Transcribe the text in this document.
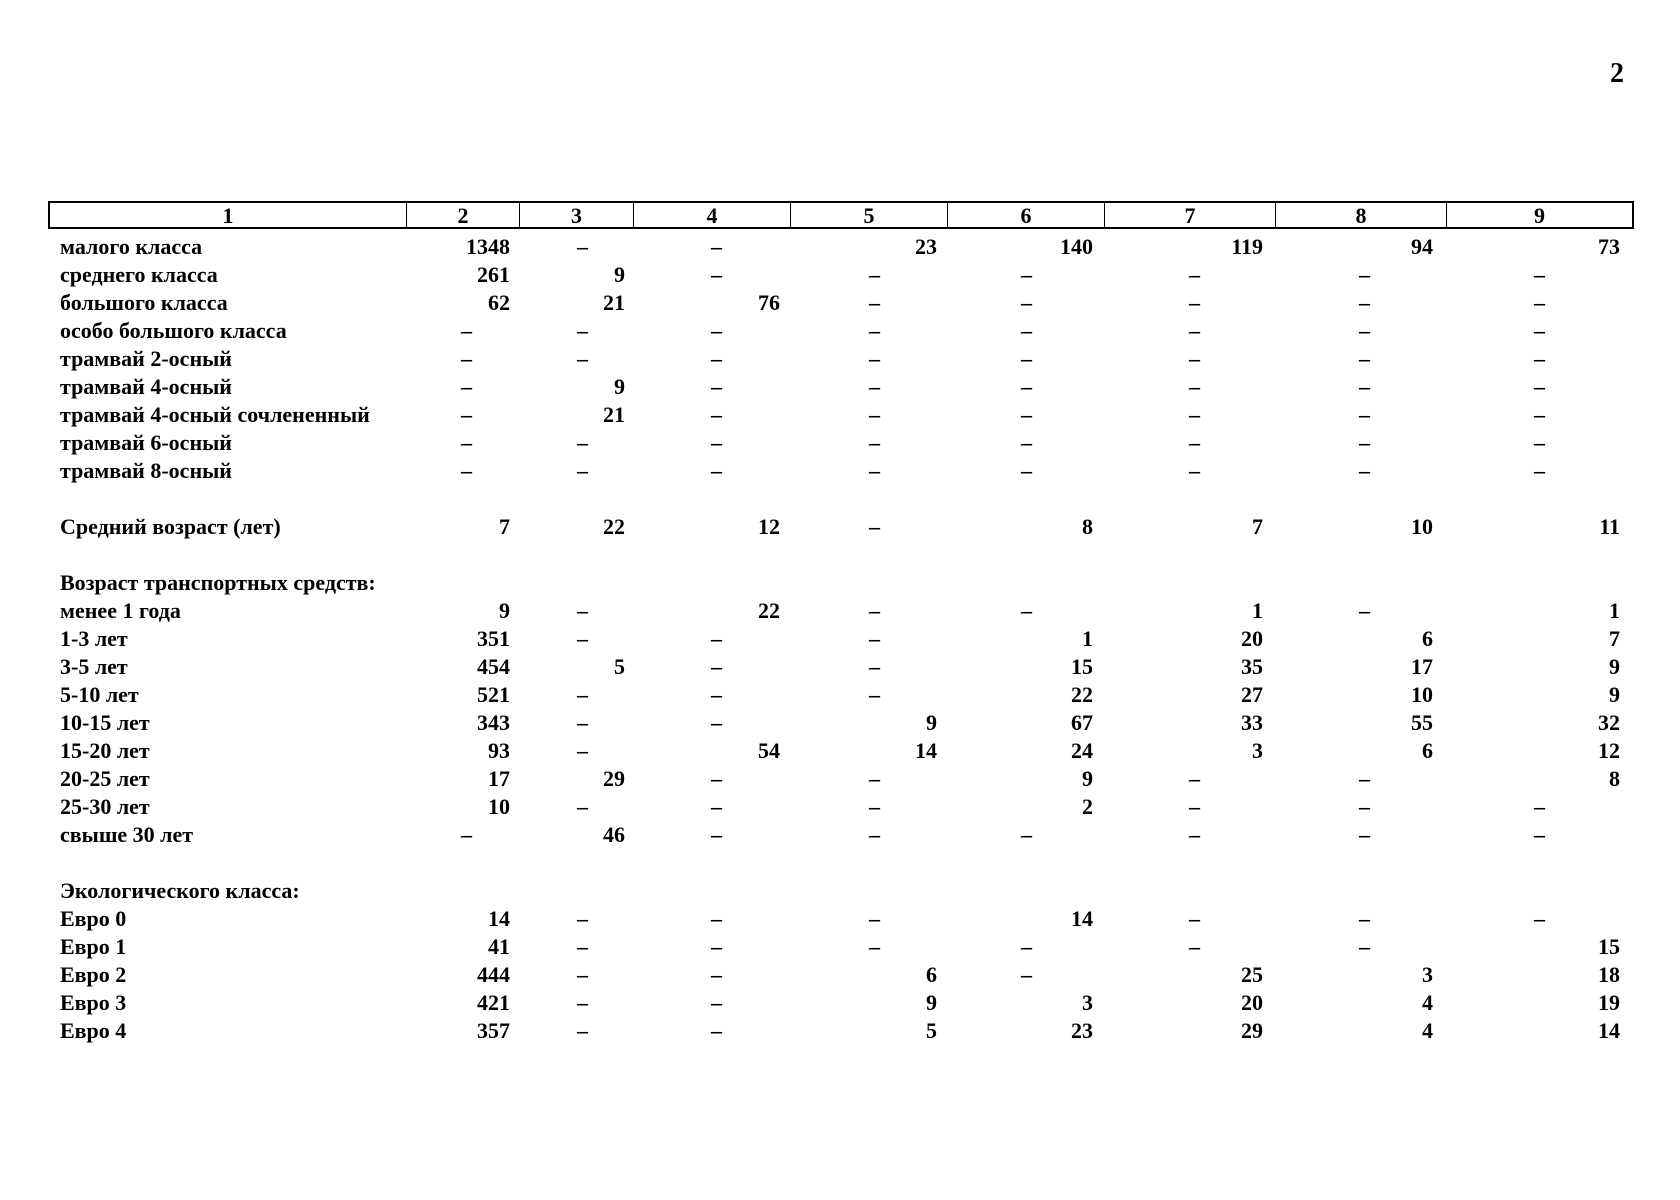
2
1	2	3	4	5	6	7	8	9
малого класса	1348	–	–	23	140	119	94	73
среднего класса	261	9	–	–	–	–	–	–
большого класса	62	21	76	–	–	–	–	–
особо большого класса	–	–	–	–	–	–	–	–
трамвай 2-осный	–	–	–	–	–	–	–	–
трамвай 4-осный	–	9	–	–	–	–	–	–
трамвай 4-осный сочлененный	–	21	–	–	–	–	–	–
трамвай 6-осный	–	–	–	–	–	–	–	–
трамвай 8-осный	–	–	–	–	–	–	–	–
Средний возраст (лет)	7	22	12	–	8	7	10	11
Возраст транспортных средств:
менее 1 года	9	–	22	–	–	1	–	1
1-3 лет	351	–	–	–	1	20	6	7
3-5 лет	454	5	–	–	15	35	17	9
5-10 лет	521	–	–	–	22	27	10	9
10-15 лет	343	–	–	9	67	33	55	32
15-20 лет	93	–	54	14	24	3	6	12
20-25 лет	17	29	–	–	9	–	–	8
25-30 лет	10	–	–	–	2	–	–	–
свыше 30 лет	–	46	–	–	–	–	–	–
Экологического класса:
Евро 0	14	–	–	–	14	–	–	–
Евро 1	41	–	–	–	–	–	–	15
Евро 2	444	–	–	6	–	25	3	18
Евро 3	421	–	–	9	3	20	4	19
Евро 4	357	–	–	5	23	29	4	14
